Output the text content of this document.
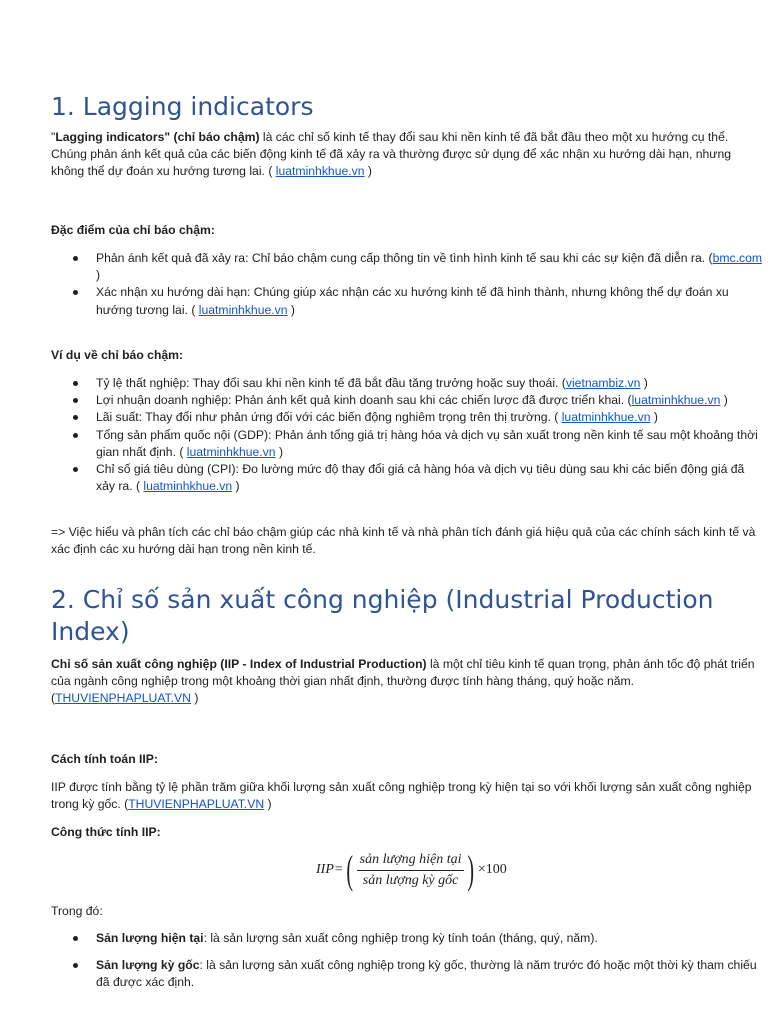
1. Lagging indicators

"Lagging indicators" (chỉ báo chậm) là các chỉ số kinh tế thay đổi sau khi nền kinh tế đã bắt đầu theo một xu hướng cụ thể. Chúng phản ánh kết quả của các biến động kinh tế đã xảy ra và thường được sử dụng để xác nhận xu hướng dài hạn, nhưng không thể dự đoán xu hướng tương lai. ( luatminhkhue.vn )

Đặc điểm của chỉ báo chậm:

Phản ánh kết quả đã xảy ra: Chỉ báo chậm cung cấp thông tin về tình hình kinh tế sau khi các sự kiện đã diễn ra. (bmc.com )
Xác nhận xu hướng dài hạn: Chúng giúp xác nhận các xu hướng kinh tế đã hình thành, nhưng không thể dự đoán xu hướng tương lai. ( luatminhkhue.vn )

Ví dụ về chỉ báo chậm:

Tỷ lệ thất nghiệp: Thay đổi sau khi nền kinh tế đã bắt đầu tăng trưởng hoặc suy thoái. (vietnambiz.vn )
Lợi nhuận doanh nghiệp: Phản ánh kết quả kinh doanh sau khi các chiến lược đã được triển khai. (luatminhkhue.vn )
Lãi suất: Thay đổi như phản ứng đối với các biến động nghiêm trọng trên thị trường. ( luatminhkhue.vn )
Tổng sản phẩm quốc nội (GDP): Phản ánh tổng giá trị hàng hóa và dịch vụ sản xuất trong nền kinh tế sau một khoảng thời gian nhất định. ( luatminhkhue.vn )
Chỉ số giá tiêu dùng (CPI): Đo lường mức độ thay đổi giá cả hàng hóa và dịch vụ tiêu dùng sau khi các biến động giá đã xảy ra. ( luatminhkhue.vn )

=> Việc hiểu và phân tích các chỉ báo chậm giúp các nhà kinh tế và nhà phân tích đánh giá hiệu quả của các chính sách kinh tế và xác định các xu hướng dài hạn trong nền kinh tế.

2. Chỉ số sản xuất công nghiệp (Industrial Production Index)

Chỉ số sản xuất công nghiệp (IIP - Index of Industrial Production) là một chỉ tiêu kinh tế quan trọng, phản ánh tốc độ phát triển của ngành công nghiệp trong một khoảng thời gian nhất định, thường được tính hàng tháng, quý hoặc năm. (THUVIENPHAPLUAT.VN )

Cách tính toán IIP:

IIP được tính bằng tỷ lệ phần trăm giữa khối lượng sản xuất công nghiệp trong kỳ hiện tại so với khối lượng sản xuất công nghiệp trong kỳ gốc. (THUVIENPHAPLUAT.VN )

Công thức tính IIP:

IIP= ( $\frac{\text{sản lượng hiện tại}}{\text{sản lượng kỳ gốc}}$ ) ×100

Trong đó:

Sản lượng hiện tại: là sản lượng sản xuất công nghiệp trong kỳ tính toán (tháng, quý, năm).
Sản lượng kỳ gốc: là sản lượng sản xuất công nghiệp trong kỳ gốc, thường là năm trước đó hoặc một thời kỳ tham chiếu đã được xác định.
